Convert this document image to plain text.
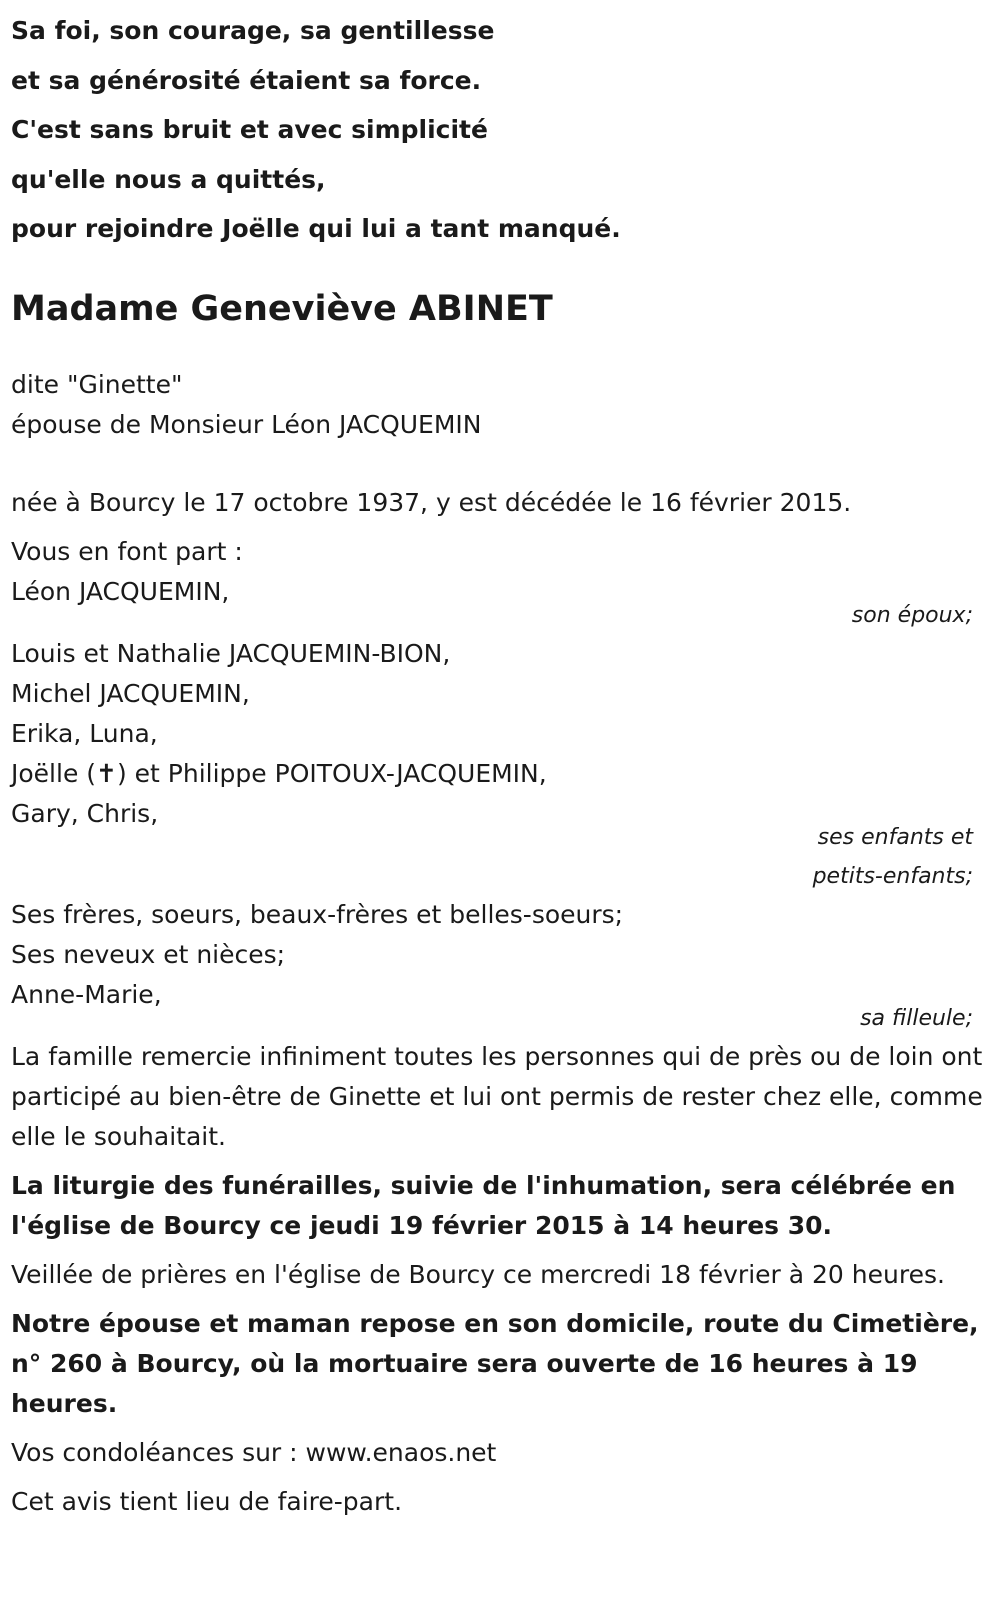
Sa foi, son courage, sa gentillesse
et sa générosité étaient sa force.
C'est sans bruit et avec simplicité
qu'elle nous a quittés,
pour rejoindre Joëlle qui lui a tant manqué.
Madame Geneviève ABINET
dite "Ginette"
épouse de Monsieur Léon JACQUEMIN
née à Bourcy le 17 octobre 1937, y est décédée le 16 février 2015.
Vous en font part :
Léon JACQUEMIN,
son époux;
Louis et Nathalie JACQUEMIN-BION,
Michel JACQUEMIN,
Erika, Luna,
Joëlle (✝) et Philippe POITOUX-JACQUEMIN,
Gary, Chris,
ses enfants et
petits-enfants;
Ses frères, soeurs, beaux-frères et belles-soeurs;
Ses neveux et nièces;
Anne-Marie,
sa filleule;

La famille remercie infiniment toutes les personnes qui de près ou de loin ont participé au bien-être de Ginette et lui ont permis de rester chez elle, comme elle le souhaitait.

La liturgie des funérailles, suivie de l'inhumation, sera célébrée en l'église de Bourcy ce jeudi 19 février 2015 à 14 heures 30.

Veillée de prières en l'église de Bourcy ce mercredi 18 février à 20 heures.

Notre épouse et maman repose en son domicile, route du Cimetière, n° 260 à Bourcy, où la mortuaire sera ouverte de 16 heures à 19 heures.

Vos condoléances sur : www.enaos.net

Cet avis tient lieu de faire-part.
